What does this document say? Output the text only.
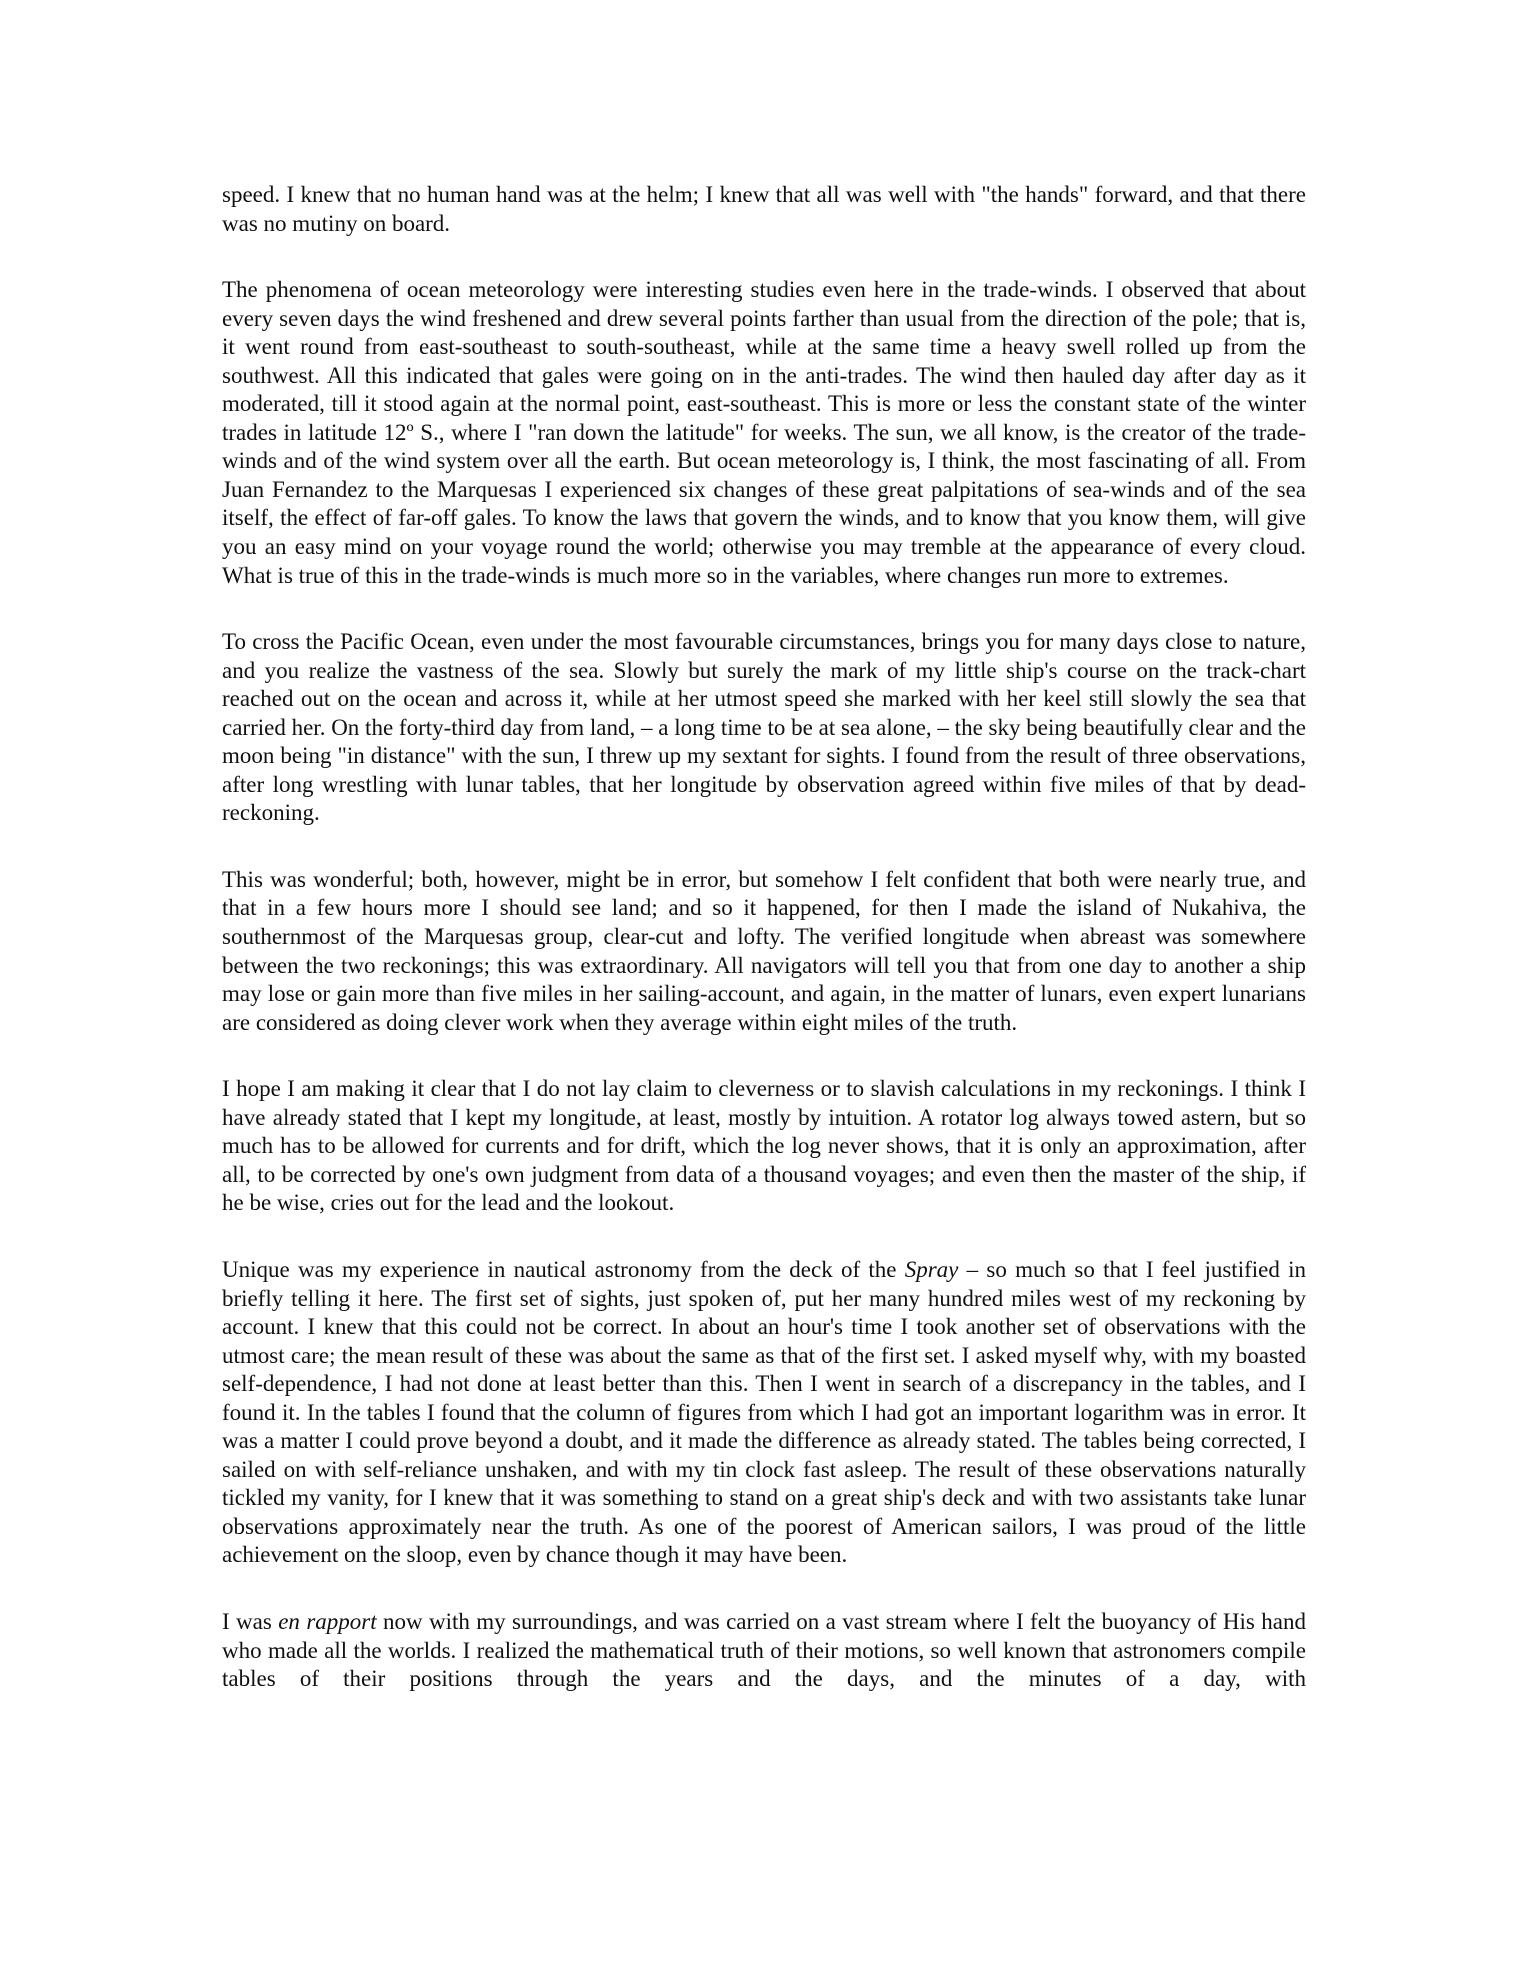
speed. I knew that no human hand was at the helm; I knew that all was well with "the hands" forward, and that there was no mutiny on board.

The phenomena of ocean meteorology were interesting studies even here in the trade-winds. I observed that about every seven days the wind freshened and drew several points farther than usual from the direction of the pole; that is, it went round from east-southeast to south-southeast, while at the same time a heavy swell rolled up from the southwest. All this indicated that gales were going on in the anti-trades. The wind then hauled day after day as it moderated, till it stood again at the normal point, east-southeast. This is more or less the constant state of the winter trades in latitude 12º S., where I "ran down the latitude" for weeks. The sun, we all know, is the creator of the trade-winds and of the wind system over all the earth. But ocean meteorology is, I think, the most fascinating of all. From Juan Fernandez to the Marquesas I experienced six changes of these great palpitations of sea-winds and of the sea itself, the effect of far-off gales. To know the laws that govern the winds, and to know that you know them, will give you an easy mind on your voyage round the world; otherwise you may tremble at the appearance of every cloud. What is true of this in the trade-winds is much more so in the variables, where changes run more to extremes.

To cross the Pacific Ocean, even under the most favourable circumstances, brings you for many days close to nature, and you realize the vastness of the sea. Slowly but surely the mark of my little ship's course on the track-chart reached out on the ocean and across it, while at her utmost speed she marked with her keel still slowly the sea that carried her. On the forty-third day from land, – a long time to be at sea alone, – the sky being beautifully clear and the moon being "in distance" with the sun, I threw up my sextant for sights. I found from the result of three observations, after long wrestling with lunar tables, that her longitude by observation agreed within five miles of that by dead-reckoning.

This was wonderful; both, however, might be in error, but somehow I felt confident that both were nearly true, and that in a few hours more I should see land; and so it happened, for then I made the island of Nukahiva, the southernmost of the Marquesas group, clear-cut and lofty. The verified longitude when abreast was somewhere between the two reckonings; this was extraordinary. All navigators will tell you that from one day to another a ship may lose or gain more than five miles in her sailing-account, and again, in the matter of lunars, even expert lunarians are considered as doing clever work when they average within eight miles of the truth.

I hope I am making it clear that I do not lay claim to cleverness or to slavish calculations in my reckonings. I think I have already stated that I kept my longitude, at least, mostly by intuition. A rotator log always towed astern, but so much has to be allowed for currents and for drift, which the log never shows, that it is only an approximation, after all, to be corrected by one's own judgment from data of a thousand voyages; and even then the master of the ship, if he be wise, cries out for the lead and the lookout.

Unique was my experience in nautical astronomy from the deck of the Spray – so much so that I feel justified in briefly telling it here. The first set of sights, just spoken of, put her many hundred miles west of my reckoning by account. I knew that this could not be correct. In about an hour's time I took another set of observations with the utmost care; the mean result of these was about the same as that of the first set. I asked myself why, with my boasted self-dependence, I had not done at least better than this. Then I went in search of a discrepancy in the tables, and I found it. In the tables I found that the column of figures from which I had got an important logarithm was in error. It was a matter I could prove beyond a doubt, and it made the difference as already stated. The tables being corrected, I sailed on with self-reliance unshaken, and with my tin clock fast asleep. The result of these observations naturally tickled my vanity, for I knew that it was something to stand on a great ship's deck and with two assistants take lunar observations approximately near the truth. As one of the poorest of American sailors, I was proud of the little achievement on the sloop, even by chance though it may have been.

I was en rapport now with my surroundings, and was carried on a vast stream where I felt the buoyancy of His hand who made all the worlds. I realized the mathematical truth of their motions, so well known that astronomers compile tables of their positions through the years and the days, and the minutes of a day, with
